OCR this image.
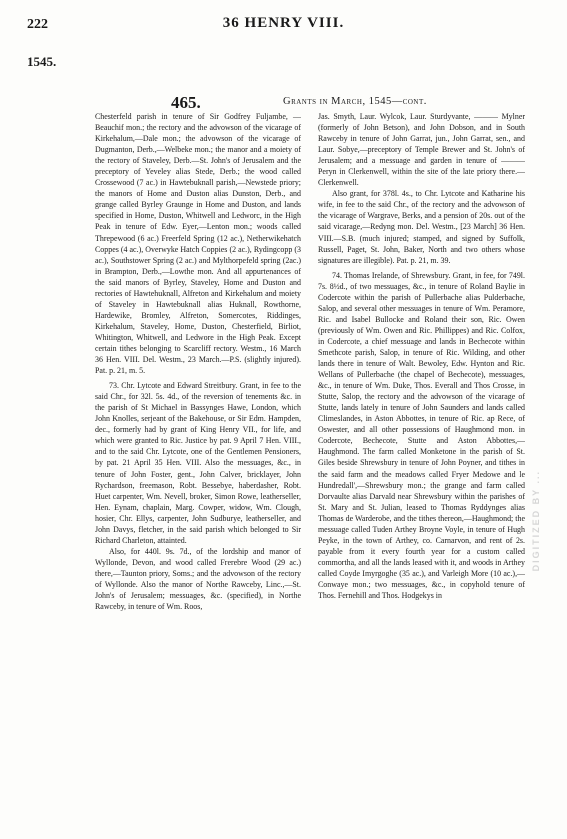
222	36 HENRY VIII.
1545.
465.	Grants in March, 1545—cont.

Chesterfeld parish in tenure of Sir Godfrey Fuljambe, —Beauchif mon.; the rectory and the advowson of the vicarage of Kirkehalum,—Dale mon.; the advowson of the vicarage of Dugmanton, Derb.,—Welbeke mon.; the manor and a moiety of the rectory of Staveley, Derb.—St. John's of Jerusalem and the preceptory of Yeveley alias Stede, Derb.; the wood called Crossewood (7 ac.) in Hawtebuknall parish,—Newstede priory; the manors of Home and Duston alias Dunston, Derb., and grange called Byrley Graunge in Home and Duston, and lands specified in Home, Duston, Whitwell and Ledworc, in the High Peak in tenure of Edw. Eyer,—Lenton mon.; woods called Threpewood (6 ac.) Freerfeld Spring (12 ac.), Netherwikehatch Coppes (4 ac.), Overwyke Hatch Coppies (2 ac.), Rydingcopp (3 ac.), Southstower Spring (2 ac.) and Mylthorpefeld spring (2ac.) in Brampton, Derb.,—Lowthe mon. And all appurtenances of the said manors of Byrley, Staveley, Home and Duston and rectories of Hawtehuknall, Alfreton and Kirkehalum and moiety of Staveley in Hawtebuknall alias Huknall, Rowthorne, Hardewike, Bromley, Alfreton, Somercotes, Riddinges, Kirkehalum, Staveley, Home, Duston, Chesterfield, Birliot, Whitington, Whitwell, and Ledwore in the High Peak. Except certain tithes belonging to Scarcliff rectory. Westm., 16 March 36 Hen. VIII. Del. Westm., 23 March.—P.S. (slightly injured). Pat. p. 21, m. 5.

73. Chr. Lytcote and Edward Streitbury. Grant, in fee to the said Chr., for 32l. 5s. 4d., of the reversion of tenements &c. in the parish of St Michael in Bassynges Hawe, London, which John Knolles, serjeant of the Bakehouse, or Sir Edm. Hampden, dec., formerly had by grant of King Henry VII., for life, and which were granted to Ric. Justice by pat. 9 April 7 Hen. VIII., and to the said Chr. Lytcote, one of the Gentlemen Pensioners, by pat. 21 April 35 Hen. VIII. Also the messuages, &c., in tenure of John Foster, gent., John Calver, bricklayer, John Rychardson, freemason, Robt. Bessebye, haberdasher, Robt. Huet carpenter, Wm. Nevell, broker, Simon Rowe, leatherseller, Hen. Eynam, chaplain, Marg. Cowper, widow, Wm. Clough, hosier, Chr. Ellys, carpenter, John Sudburye, leatherseller, and John Davys, fletcher, in the said parish which belonged to Sir Richard Charleton, attainted.

Also, for 440l. 9s. 7d., of the lordship and manor of Wyllonde, Devon, and wood called Frerebre Wood (29 ac.) there,—Taunton priory, Soms.; and the advowson of the rectory of Wyllonde. Also the manor of Northe Rawceby, Linc.,—St. John's of Jerusalem; messuages, &c. (specified), in Northe Rawceby, in tenure of Wm. Roos,

Jas. Smyth, Laur. Wylcok, Laur. Sturdyvante, ——— Mylner (formerly of John Betson), and John Dobson, and in South Rawceby in tenure of John Garrat, jun., John Garrat, sen., and Laur. Sobye,—preceptory of Temple Brewer and St. John's of Jerusalem; and a messuage and garden in tenure of ——— Peryn in Clerkenwell, within the site of the late priory there.—Clerkenwell.

Also grant, for 378l. 4s., to Chr. Lytcote and Katharine his wife, in fee to the said Chr., of the rectory and the advowson of the vicarage of Wargrave, Berks, and a pension of 20s. out of the said vicarage,—Redyng mon. Del. Westm., [23 March] 36 Hen. VIII.—S.B. (much injured; stamped, and signed by Suffolk, Russell, Paget, St. John, Baker, North and two others whose signatures are illegible). Pat. p. 21, m. 39.

74. Thomas Irelande, of Shrewsbury. Grant, in fee, for 749l. 7s. 8½d., of two messuages, &c., in tenure of Roland Baylie in Codercote within the parish of Pullerbache alias Pulderbache, Salop, and several other messuages in tenure of Wm. Peramore, Ric. and Isabel Bullocke and Roland their son, Ric. Owen (previously of Wm. Owen and Ric. Phillippes) and Ric. Colfox, in Codercote, a chief messuage and lands in Bechecote within Smethcote parish, Salop, in tenure of Ric. Wilding, and other lands there in tenure of Walt. Bewoley, Edw. Hynton and Ric. Wellans of Pullerbache (the chapel of Bechecote), messuages, &c., in tenure of Wm. Duke, Thos. Everall and Thos Crosse, in Stutte, Salop, the rectory and the advowson of the vicarage of Stutte, lands lately in tenure of John Saunders and lands called Climeslandes, in Aston Abbottes, in tenure of Ric. ap Rece, of Oswester, and all other possessions of Haughmond mon. in Codercote, Bechecote, Stutte and Aston Abbottes,—Haughmond. The farm called Monketone in the parish of St. Giles beside Shrewsbury in tenure of John Poyner, and tithes in the said farm and the meadows called Fryer Medowe and le Hundredall',—Shrewsbury mon.; the grange and farm called Dorvaulte alias Darvald near Shrewsbury within the parishes of St. Mary and St. Julian, leased to Thomas Ryddynges alias Thomas de Warderobe, and the tithes thereon,—Haughmond; the messuage called Tuden Arthey Broyne Voyle, in tenure of Hugh Peyke, in the town of Arthey, co. Carnarvon, and rent of 2s. payable from it every fourth year for a custom called commortha, and all the lands leased with it, and woods in Arthey called Coyde Imyrgoghe (35 ac.), and Varleigh More (10 ac.),—Conwaye mon.; two messuages, &c., in copyhold tenure of Thos. Fernehill and Thos. Hodgekys in

DIGITIZED BY ...
